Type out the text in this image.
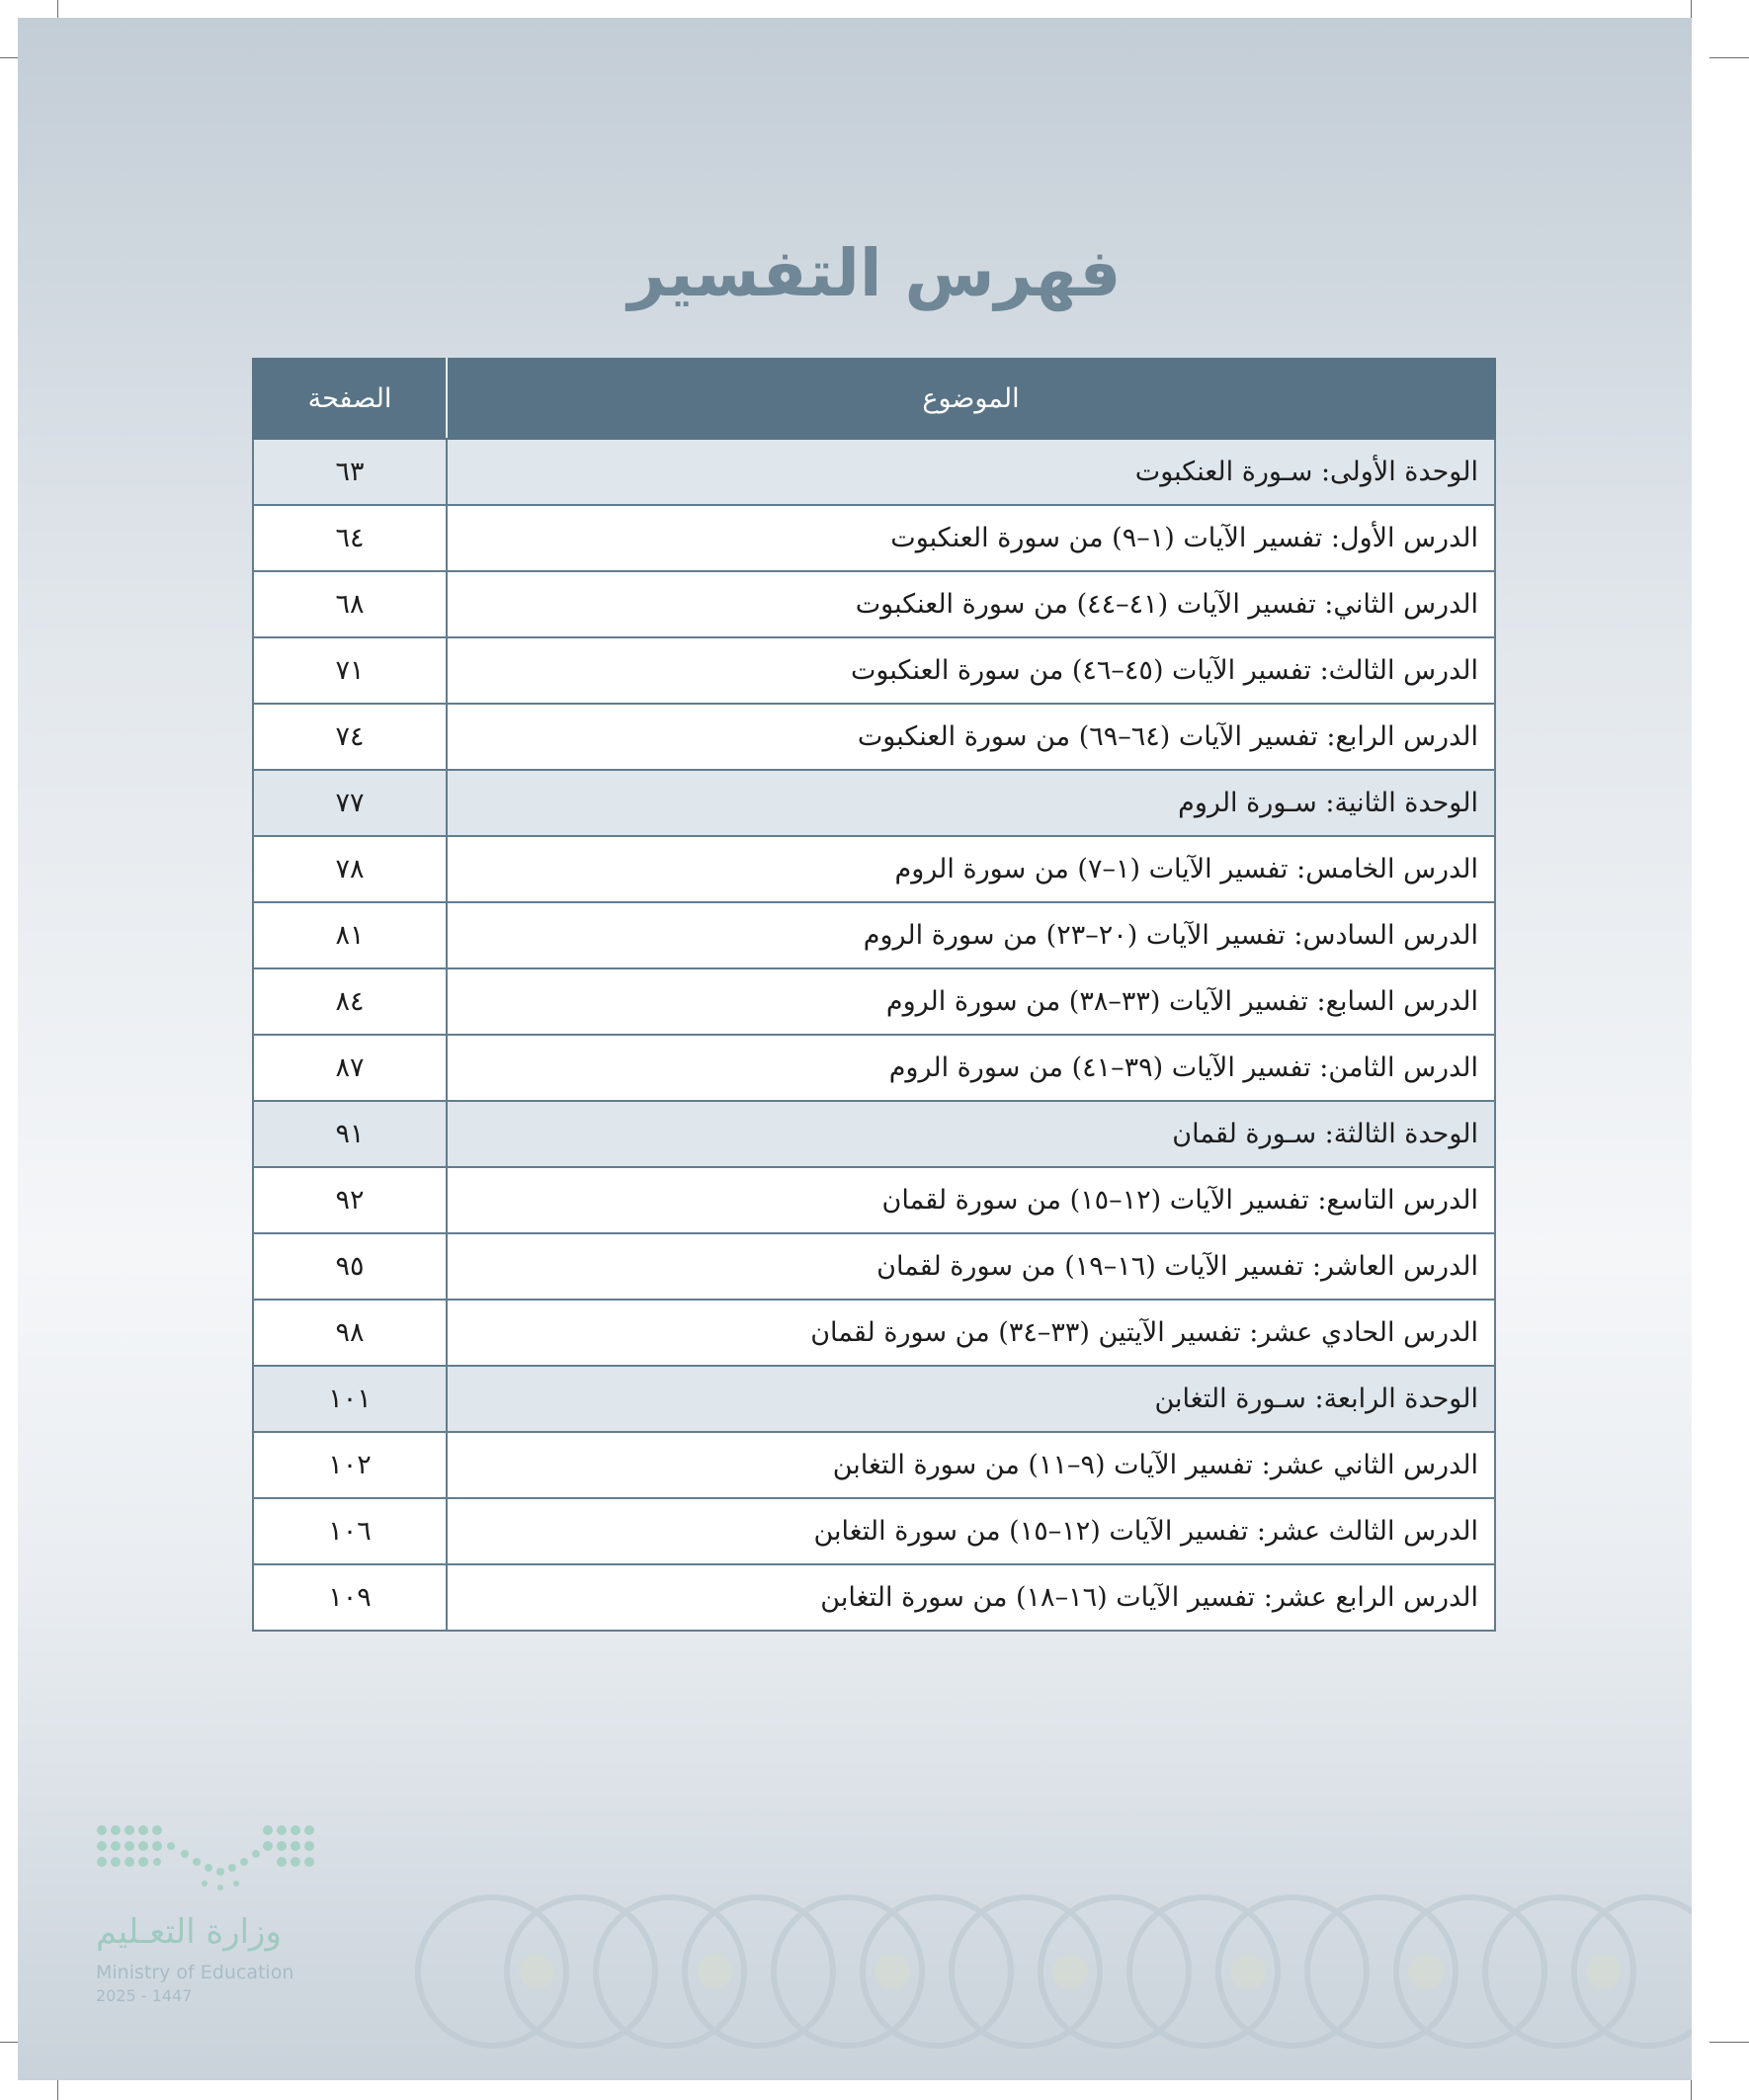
فهرس التفسير
الموضوع	الصفحة
الوحدة الأولى: سـورة العنكبوت	٦٣
الدرس الأول: تفسير الآيات (١–٩) من سورة العنكبوت	٦٤
الدرس الثاني: تفسير الآيات (٤١–٤٤) من سورة العنكبوت	٦٨
الدرس الثالث: تفسير الآيات (٤٥–٤٦) من سورة العنكبوت	٧١
الدرس الرابع: تفسير الآيات (٦٤–٦٩) من سورة العنكبوت	٧٤
الوحدة الثانية: سـورة الروم	٧٧
الدرس الخامس: تفسير الآيات (١–٧) من سورة الروم	٧٨
الدرس السادس: تفسير الآيات (٢٠–٢٣) من سورة الروم	٨١
الدرس السابع: تفسير الآيات (٣٣–٣٨) من سورة الروم	٨٤
الدرس الثامن: تفسير الآيات (٣٩–٤١) من سورة الروم	٨٧
الوحدة الثالثة: سـورة لقمان	٩١
الدرس التاسع: تفسير الآيات (١٢–١٥) من سورة لقمان	٩٢
الدرس العاشر: تفسير الآيات (١٦–١٩) من سورة لقمان	٩٥
الدرس الحادي عشر: تفسير الآيتين (٣٣–٣٤) من سورة لقمان	٩٨
الوحدة الرابعة: سـورة التغابن	١٠١
الدرس الثاني عشر: تفسير الآيات (٩–١١) من سورة التغابن	١٠٢
الدرس الثالث عشر: تفسير الآيات (١٢–١٥) من سورة التغابن	١٠٦
الدرس الرابع عشر: تفسير الآيات (١٦–١٨) من سورة التغابن	١٠٩
وزارة التعـليم
Ministry of Education
2025 - 1447
